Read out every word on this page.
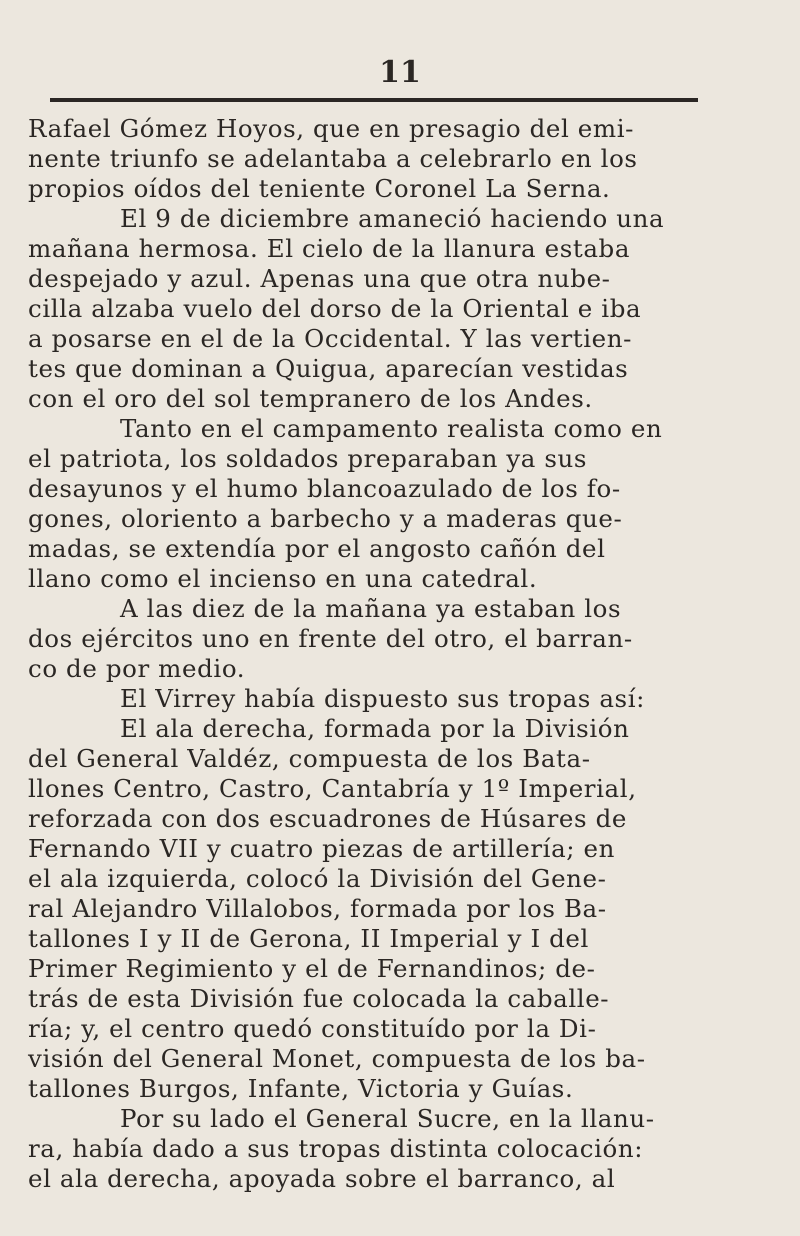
11
Rafael Gómez Hoyos, que en presagio del emi-
nente triunfo se adelantaba a celebrarlo en los
propios oídos del teniente Coronel La Serna.
El 9 de diciembre amaneció haciendo una
mañana hermosa. El cielo de la llanura estaba
despejado y azul. Apenas una que otra nube-
cilla alzaba vuelo del dorso de la Oriental e iba
a posarse en el de la Occidental. Y las vertien-
tes que dominan a Quigua, aparecían vestidas
con el oro del sol tempranero de los Andes.
Tanto en el campamento realista como en
el patriota, los soldados preparaban ya sus
desayunos y el humo blancoazulado de los fo-
gones, oloriento a barbecho y a maderas que-
madas, se extendía por el angosto cañón del
llano como el incienso en una catedral.
A las diez de la mañana ya estaban los
dos ejércitos uno en frente del otro, el barran-
co de por medio.
El Virrey había dispuesto sus tropas así:
El ala derecha, formada por la División
del General Valdéz, compuesta de los Bata-
llones Centro, Castro, Cantabría y 1º Imperial,
reforzada con dos escuadrones de Húsares de
Fernando VII y cuatro piezas de artillería; en
el ala izquierda, colocó la División del Gene-
ral Alejandro Villalobos, formada por los Ba-
tallones I y II de Gerona, II Imperial y I del
Primer Regimiento y el de Fernandinos; de-
trás de esta División fue colocada la caballe-
ría; y, el centro quedó constituído por la Di-
visión del General Monet, compuesta de los ba-
tallones Burgos, Infante, Victoria y Guías.
Por su lado el General Sucre, en la llanu-
ra, había dado a sus tropas distinta colocación:
el ala derecha, apoyada sobre el barranco, al
